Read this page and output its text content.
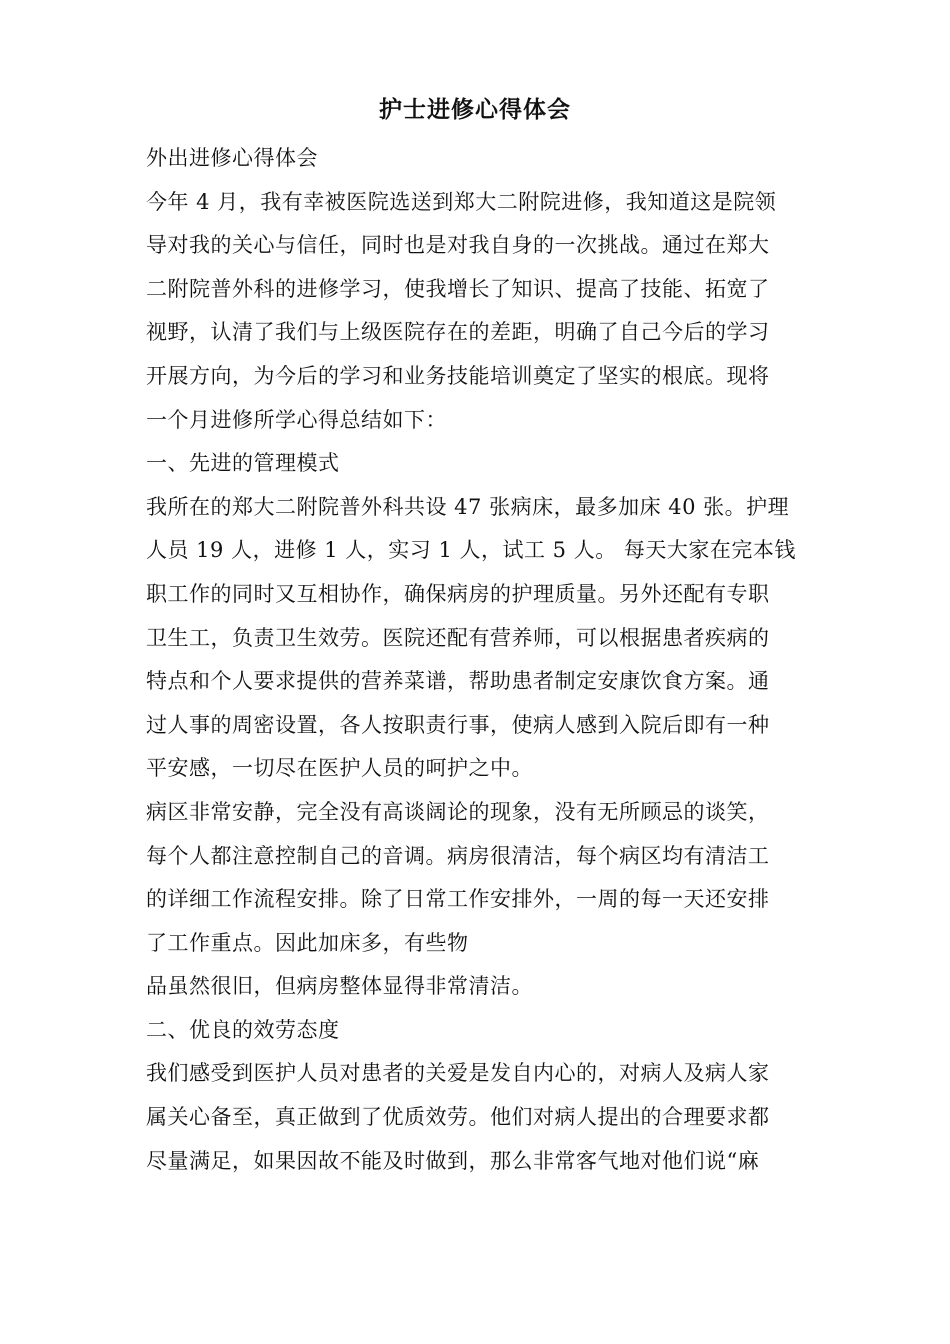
护士进修心得体会
外出进修心得体会
今年 4 月，我有幸被医院选送到郑大二附院进修，我知道这是院领
导对我的关心与信任，同时也是对我自身的一次挑战。通过在郑大
二附院普外科的进修学习，使我增长了知识、提高了技能、拓宽了
视野，认清了我们与上级医院存在的差距，明确了自己今后的学习
开展方向，为今后的学习和业务技能培训奠定了坚实的根底。现将
一个月进修所学心得总结如下：
一、先进的管理模式
我所在的郑大二附院普外科共设 47 张病床，最多加床 40 张。护理
人员 19 人，进修 1 人，实习 1 人，试工 5 人。 每天大家在完本钱
职工作的同时又互相协作，确保病房的护理质量。另外还配有专职
卫生工，负责卫生效劳。医院还配有营养师，可以根据患者疾病的
特点和个人要求提供的营养菜谱，帮助患者制定安康饮食方案。通
过人事的周密设置，各人按职责行事，使病人感到入院后即有一种
平安感，一切尽在医护人员的呵护之中。
病区非常安静，完全没有高谈阔论的现象，没有无所顾忌的谈笑，
每个人都注意控制自己的音调。病房很清洁，每个病区均有清洁工
的详细工作流程安排。除了日常工作安排外，一周的每一天还安排
了工作重点。因此加床多，有些物
品虽然很旧，但病房整体显得非常清洁。
二、优良的效劳态度
我们感受到医护人员对患者的关爱是发自内心的，对病人及病人家
属关心备至，真正做到了优质效劳。他们对病人提出的合理要求都
尽量满足，如果因故不能及时做到，那么非常客气地对他们说“麻
